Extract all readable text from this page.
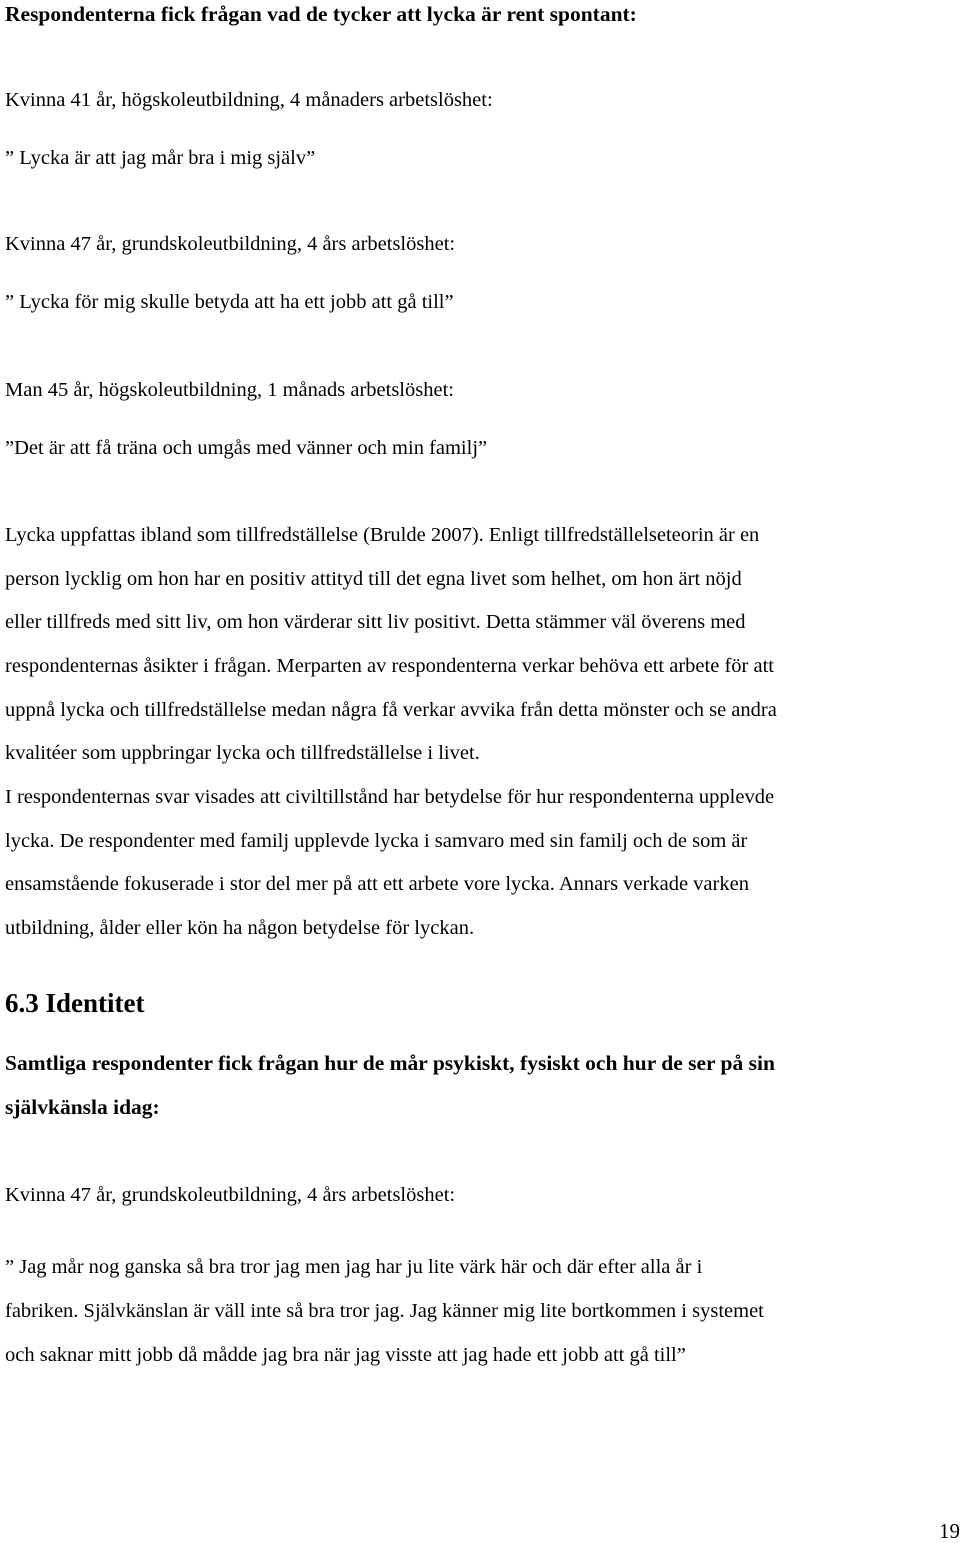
Respondenterna fick frågan vad de tycker att lycka är rent spontant:
Kvinna 41 år, högskoleutbildning, 4 månaders arbetslöshet:
” Lycka är att jag mår bra i mig själv”
Kvinna 47 år, grundskoleutbildning, 4 års arbetslöshet:
” Lycka för mig skulle betyda att ha ett jobb att gå till”
Man 45 år, högskoleutbildning, 1 månads arbetslöshet:
”Det är att få träna och umgås med vänner och min familj”
Lycka uppfattas ibland som tillfredställelse (Brulde 2007). Enligt tillfredställelseteorin är en
person lycklig om hon har en positiv attityd till det egna livet som helhet, om hon ärt nöjd
eller tillfreds med sitt liv, om hon värderar sitt liv positivt. Detta stämmer väl överens med
respondenternas åsikter i frågan. Merparten av respondenterna verkar behöva ett arbete för att
uppnå lycka och tillfredställelse medan några få verkar avvika från detta mönster och se andra
kvalitéer som uppbringar lycka och tillfredställelse i livet.
I respondenternas svar visades att civiltillstånd har betydelse för hur respondenterna upplevde
lycka. De respondenter med familj upplevde lycka i samvaro med sin familj och de som är
ensamstående fokuserade i stor del mer på att ett arbete vore lycka. Annars verkade varken
utbildning, ålder eller kön ha någon betydelse för lyckan.
6.3 Identitet
Samtliga respondenter fick frågan hur de mår psykiskt, fysiskt och hur de ser på sin
självkänsla idag:
Kvinna 47 år, grundskoleutbildning, 4 års arbetslöshet:
” Jag mår nog ganska så bra tror jag men jag har ju lite värk här och där efter alla år i
fabriken. Självkänslan är väll inte så bra tror jag. Jag känner mig lite bortkommen i systemet
och saknar mitt jobb då mådde jag bra när jag visste att jag hade ett jobb att gå till”
19
